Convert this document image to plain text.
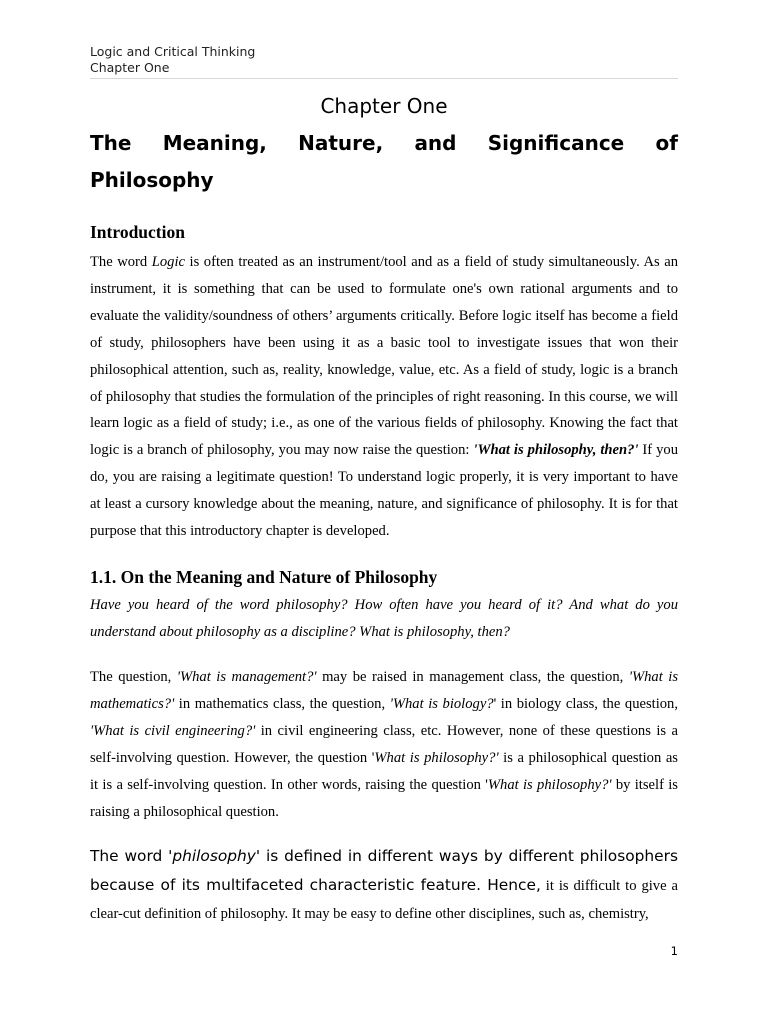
Logic and Critical Thinking
Chapter One
Chapter One
The Meaning, Nature, and Significance of
Philosophy
Introduction
The word Logic is often treated as an instrument/tool and as a field of study simultaneously. As an instrument, it is something that can be used to formulate one's own rational arguments and to evaluate the validity/soundness of others’ arguments critically. Before logic itself has become a field of study, philosophers have been using it as a basic tool to investigate issues that won their philosophical attention, such as, reality, knowledge, value, etc. As a field of study, logic is a branch of philosophy that studies the formulation of the principles of right reasoning. In this course, we will learn logic as a field of study; i.e., as one of the various fields of philosophy. Knowing the fact that logic is a branch of philosophy, you may now raise the question: 'What is philosophy, then?' If you do, you are raising a legitimate question! To understand logic properly, it is very important to have at least a cursory knowledge about the meaning, nature, and significance of philosophy. It is for that purpose that this introductory chapter is developed.
1.1. On the Meaning and Nature of Philosophy
Have you heard of the word philosophy? How often have you heard of it? And what do you understand about philosophy as a discipline? What is philosophy, then?
The question, 'What is management?' may be raised in management class, the question, 'What is mathematics?' in mathematics class, the question, 'What is biology?' in biology class, the question, 'What is civil engineering?' in civil engineering class, etc. However, none of these questions is a self-involving question. However, the question 'What is philosophy?' is a philosophical question as it is a self-involving question. In other words, raising the question 'What is philosophy?' by itself is raising a philosophical question.
The word 'philosophy' is defined in different ways by different philosophers because of its multifaceted characteristic feature. Hence, it is difficult to give a clear-cut definition of philosophy. It may be easy to define other disciplines, such as, chemistry,
1
